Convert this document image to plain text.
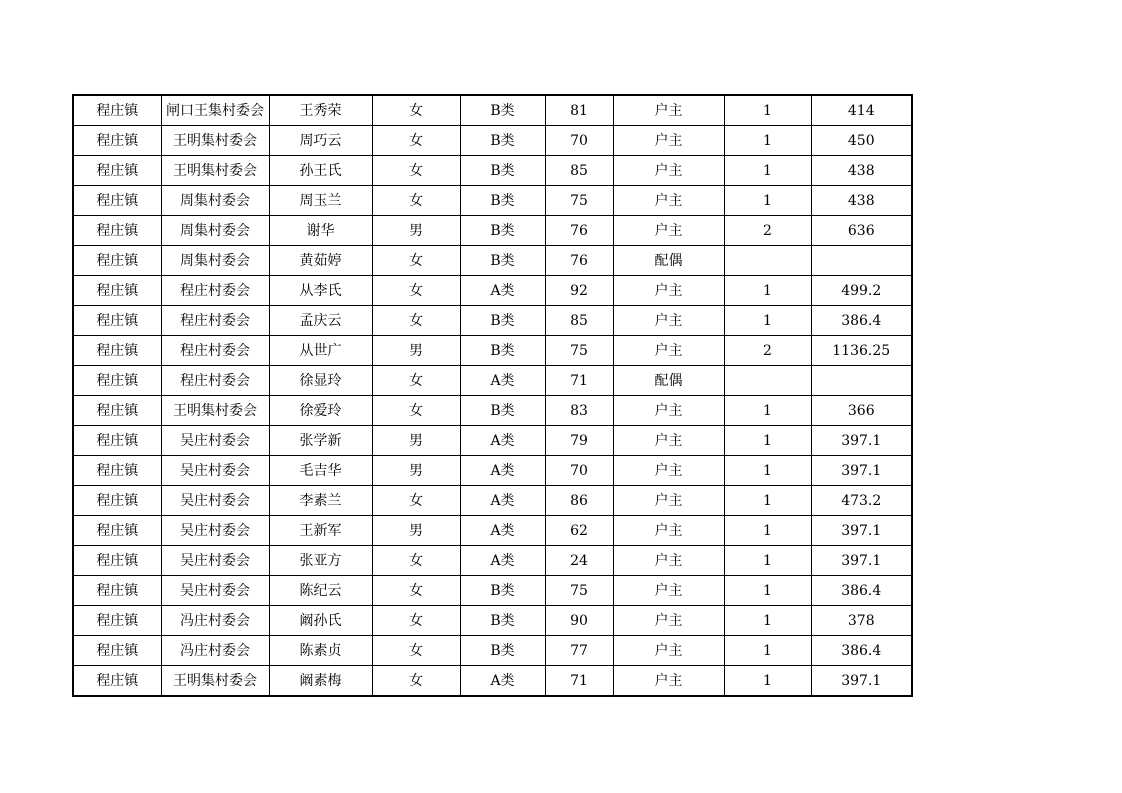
程庄镇	闸口王集村委会	王秀荣	女	B类	81	户主	1	414
程庄镇	王明集村委会	周巧云	女	B类	70	户主	1	450
程庄镇	王明集村委会	孙王氏	女	B类	85	户主	1	438
程庄镇	周集村委会	周玉兰	女	B类	75	户主	1	438
程庄镇	周集村委会	谢华	男	B类	76	户主	2	636
程庄镇	周集村委会	黄茹婷	女	B类	76	配偶		
程庄镇	程庄村委会	从李氏	女	A类	92	户主	1	499.2
程庄镇	程庄村委会	孟庆云	女	B类	85	户主	1	386.4
程庄镇	程庄村委会	从世广	男	B类	75	户主	2	1136.25
程庄镇	程庄村委会	徐显玲	女	A类	71	配偶		
程庄镇	王明集村委会	徐爱玲	女	B类	83	户主	1	366
程庄镇	吴庄村委会	张学新	男	A类	79	户主	1	397.1
程庄镇	吴庄村委会	毛吉华	男	A类	70	户主	1	397.1
程庄镇	吴庄村委会	李素兰	女	A类	86	户主	1	473.2
程庄镇	吴庄村委会	王新军	男	A类	62	户主	1	397.1
程庄镇	吴庄村委会	张亚方	女	A类	24	户主	1	397.1
程庄镇	吴庄村委会	陈纪云	女	B类	75	户主	1	386.4
程庄镇	冯庄村委会	阚孙氏	女	B类	90	户主	1	378
程庄镇	冯庄村委会	陈素贞	女	B类	77	户主	1	386.4
程庄镇	王明集村委会	阚素梅	女	A类	71	户主	1	397.1
